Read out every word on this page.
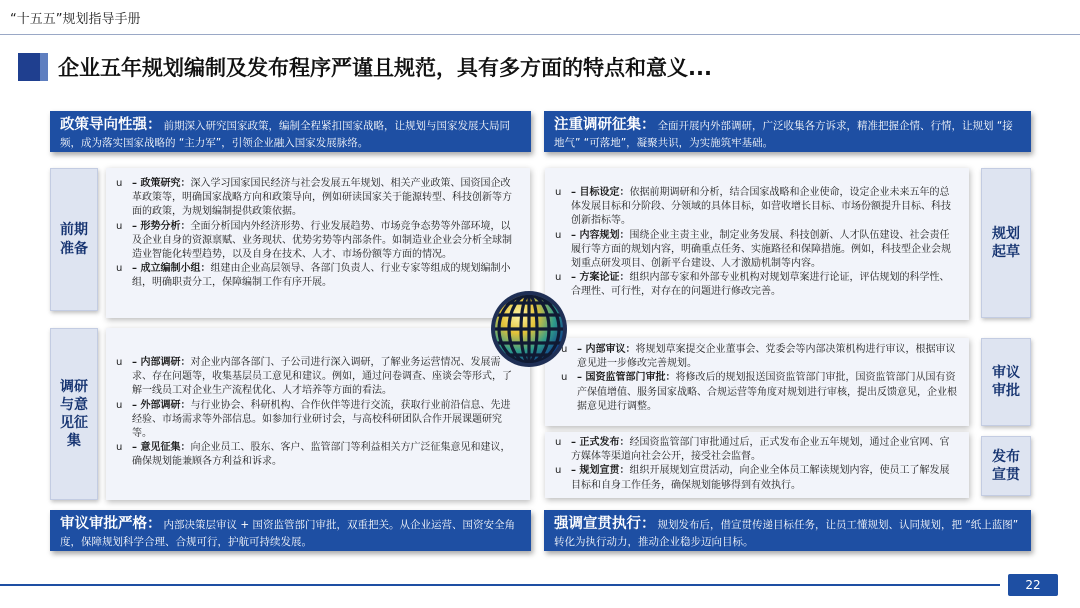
“十五五”规划指导手册
企业五年规划编制及发布程序严谨且规范，具有多方面的特点和意义...
政策导向性强： 前期深入研究国家政策，编制全程紧扣国家战略，让规划与国家发展大局同频，成为落实国家战略的 “主力军”，引领企业融入国家发展脉络。
注重调研征集： 全面开展内外部调研，广泛收集各方诉求，精准把握企情、行情，让规划 “接地气” “可落地”，凝聚共识，为实施筑牢基础。
前期
准备
调研
与意
见征
集
规划
起草
审议
审批
发布
宣贯
u – 政策研究：深入学习国家国民经济与社会发展五年规划、相关产业政策、国资国企改革政策等，明确国家战略方向和政策导向，例如研读国家关于能源转型、科技创新等方面的政策，为规划编制提供政策依据。
u – 形势分析：全面分析国内外经济形势、行业发展趋势、市场竞争态势等外部环境，以及企业自身的资源禀赋、业务现状、优势劣势等内部条件。如制造业企业会分析全球制造业智能化转型趋势，以及自身在技术、人才、市场份额等方面的情况。
u – 成立编制小组：组建由企业高层领导、各部门负责人、行业专家等组成的规划编制小组，明确职责分工，保障编制工作有序开展。
u – 内部调研：对企业内部各部门、子公司进行深入调研，了解业务运营情况、发展需求、存在问题等，收集基层员工意见和建议。例如，通过问卷调查、座谈会等形式，了解一线员工对企业生产流程优化、人才培养等方面的看法。
u – 外部调研：与行业协会、科研机构、合作伙伴等进行交流，获取行业前沿信息、先进经验、市场需求等外部信息。如参加行业研讨会，与高校科研团队合作开展课题研究等。
u – 意见征集：向企业员工、股东、客户、监管部门等利益相关方广泛征集意见和建议，确保规划能兼顾各方利益和诉求。
u – 目标设定：依据前期调研和分析，结合国家战略和企业使命，设定企业未来五年的总体发展目标和分阶段、分领域的具体目标，如营收增长目标、市场份额提升目标、科技创新指标等。
u – 内容规划：围绕企业主责主业，制定业务发展、科技创新、人才队伍建设、社会责任履行等方面的规划内容，明确重点任务、实施路径和保障措施。例如，科技型企业会规划重点研发项目、创新平台建设、人才激励机制等内容。
u – 方案论证：组织内部专家和外部专业机构对规划草案进行论证，评估规划的科学性、合理性、可行性，对存在的问题进行修改完善。
u – 内部审议：将规划草案提交企业董事会、党委会等内部决策机构进行审议，根据审议意见进一步修改完善规划。
u – 国资监管部门审批：将修改后的规划报送国资监管部门审批，国资监管部门从国有资产保值增值、服务国家战略、合规运营等角度对规划进行审核，提出反馈意见，企业根据意见进行调整。
u – 正式发布：经国资监管部门审批通过后，正式发布企业五年规划，通过企业官网、官方媒体等渠道向社会公开，接受社会监督。
u – 规划宣贯：组织开展规划宣贯活动，向企业全体员工解读规划内容，使员工了解发展目标和自身工作任务，确保规划能够得到有效执行。
审议审批严格： 内部决策层审议 + 国资监管部门审批，双重把关。从企业运营、国资安全角度，保障规划科学合理、合规可行，护航可持续发展。
强调宣贯执行： 规划发布后，借宣贯传递目标任务，让员工懂规划、认同规划，把 “纸上蓝图” 转化为执行动力，推动企业稳步迈向目标。
22
